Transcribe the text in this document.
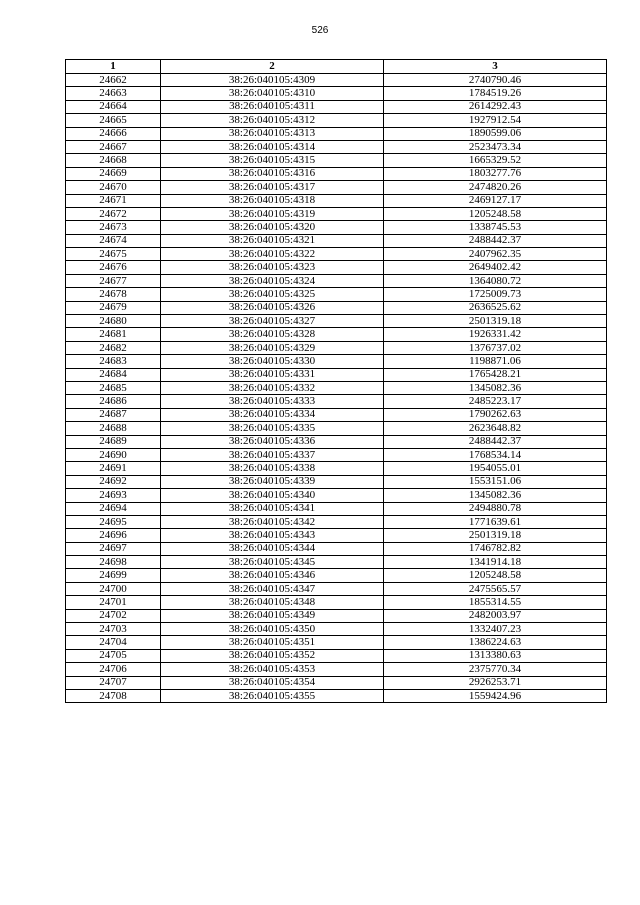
526
1	2	3
24662	38:26:040105:4309	2740790.46
24663	38:26:040105:4310	1784519.26
24664	38:26:040105:4311	2614292.43
24665	38:26:040105:4312	1927912.54
24666	38:26:040105:4313	1890599.06
24667	38:26:040105:4314	2523473.34
24668	38:26:040105:4315	1665329.52
24669	38:26:040105:4316	1803277.76
24670	38:26:040105:4317	2474820.26
24671	38:26:040105:4318	2469127.17
24672	38:26:040105:4319	1205248.58
24673	38:26:040105:4320	1338745.53
24674	38:26:040105:4321	2488442.37
24675	38:26:040105:4322	2407962.35
24676	38:26:040105:4323	2649402.42
24677	38:26:040105:4324	1364080.72
24678	38:26:040105:4325	1725009.73
24679	38:26:040105:4326	2636525.62
24680	38:26:040105:4327	2501319.18
24681	38:26:040105:4328	1926331.42
24682	38:26:040105:4329	1376737.02
24683	38:26:040105:4330	1198871.06
24684	38:26:040105:4331	1765428.21
24685	38:26:040105:4332	1345082.36
24686	38:26:040105:4333	2485223.17
24687	38:26:040105:4334	1790262.63
24688	38:26:040105:4335	2623648.82
24689	38:26:040105:4336	2488442.37
24690	38:26:040105:4337	1768534.14
24691	38:26:040105:4338	1954055.01
24692	38:26:040105:4339	1553151.06
24693	38:26:040105:4340	1345082.36
24694	38:26:040105:4341	2494880.78
24695	38:26:040105:4342	1771639.61
24696	38:26:040105:4343	2501319.18
24697	38:26:040105:4344	1746782.82
24698	38:26:040105:4345	1341914.18
24699	38:26:040105:4346	1205248.58
24700	38:26:040105:4347	2475565.57
24701	38:26:040105:4348	1855314.55
24702	38:26:040105:4349	2482003.97
24703	38:26:040105:4350	1332407.23
24704	38:26:040105:4351	1386224.63
24705	38:26:040105:4352	1313380.63
24706	38:26:040105:4353	2375770.34
24707	38:26:040105:4354	2926253.71
24708	38:26:040105:4355	1559424.96
